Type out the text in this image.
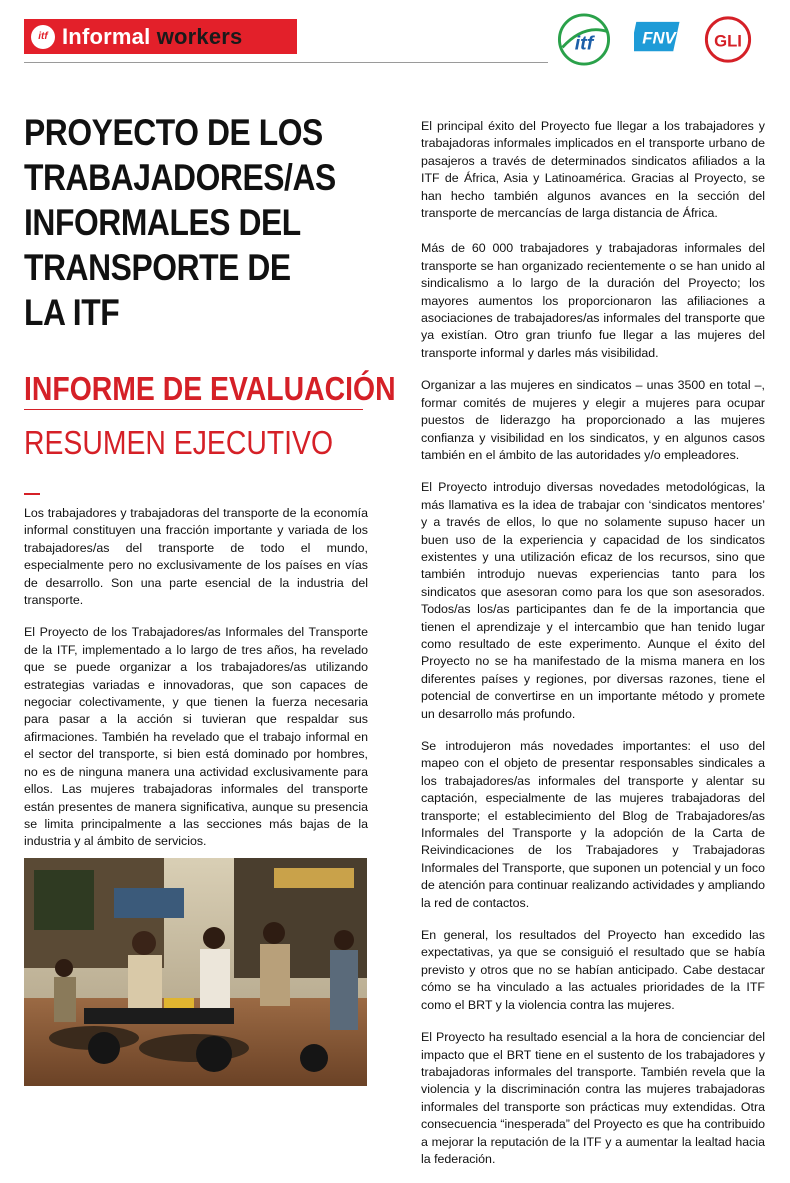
itf Informal workers	itf	FNV GLI
PROYECTO DE LOS TRABAJADORES/AS INFORMALES DEL TRANSPORTE DE LA ITF
INFORME DE EVALUACIÓN
RESUMEN EJECUTIVO

Los trabajadores y trabajadoras del transporte de la economía informal constituyen una fracción importante y variada de los trabajadores/as del transporte de todo el mundo, especialmente pero no exclusivamente de los países en vías de desarrollo. Son una parte esencial de la industria del transporte.

El Proyecto de los Trabajadores/as Informales del Transporte de la ITF, implementado a lo largo de tres años, ha revelado que se puede organizar a los trabajadores/as utilizando estrategias variadas e innovadoras, que son capaces de negociar colectivamente, y que tienen la fuerza necesaria para pasar a la acción si tuvieran que respaldar sus afirmaciones. También ha revelado que el trabajo informal en el sector del transporte, si bien está dominado por hombres, no es de ninguna manera una actividad exclusivamente para ellos. Las mujeres trabajadoras informales del transporte están presentes de manera significativa, aunque su presencia se limita principalmente a las secciones más bajas de la industria y al ámbito de servicios.

El principal éxito del Proyecto fue llegar a los trabajadores y trabajadoras informales implicados en el transporte urbano de pasajeros a través de determinados sindicatos afiliados a la ITF de África, Asia y Latinoamérica. Gracias al Proyecto, se han hecho también algunos avances en la sección del transporte de mercancías de larga distancia de África.

Más de 60 000 trabajadores y trabajadoras informales del transporte se han organizado recientemente o se han unido al sindicalismo a lo largo de la duración del Proyecto; los mayores aumentos los proporcionaron las afiliaciones a asociaciones de trabajadores/as informales del transporte que ya existían. Otro gran triunfo fue llegar a las mujeres del transporte informal y darles más visibilidad.

Organizar a las mujeres en sindicatos – unas 3500 en total –, formar comités de mujeres y elegir a mujeres para ocupar puestos de liderazgo ha proporcionado a las mujeres confianza y visibilidad en los sindicatos, y en algunos casos también en el ámbito de las autoridades y/o empleadores.

El Proyecto introdujo diversas novedades metodológicas, la más llamativa es la idea de trabajar con ‘sindicatos mentores’ y a través de ellos, lo que no solamente supuso hacer un buen uso de la experiencia y capacidad de los sindicatos existentes y una utilización eficaz de los recursos, sino que también introdujo nuevas experiencias tanto para los sindicatos que asesoran como para los que son asesorados. Todos/as los/as participantes dan fe de la importancia que tienen el aprendizaje y el intercambio que han tenido lugar como resultado de este experimento. Aunque el éxito del Proyecto no se ha manifestado de la misma manera en los diferentes países y regiones, por diversas razones, tiene el potencial de convertirse en un importante método y promete un desarrollo más profundo.

Se introdujeron más novedades importantes: el uso del mapeo con el objeto de presentar responsables sindicales a los trabajadores/as informales del transporte y alentar su captación, especialmente de las mujeres trabajadoras del transporte; el establecimiento del Blog de Trabajadores/as Informales del Transporte y la adopción de la Carta de Reivindicaciones de los Trabajadores y Trabajadoras Informales del Transporte, que suponen un potencial y un foco de atención para continuar realizando actividades y ampliando la red de contactos.

En general, los resultados del Proyecto han excedido las expectativas, ya que se consiguió el resultado que se había previsto y otros que no se habían anticipado. Cabe destacar cómo se ha vinculado a las actuales prioridades de la ITF como el BRT y la violencia contra las mujeres.

El Proyecto ha resultado esencial a la hora de concienciar del impacto que el BRT tiene en el sustento de los trabajadores y trabajadoras informales del transporte. También revela que la violencia y la discriminación contra las mujeres trabajadoras informales del transporte son prácticas muy extendidas. Otra consecuencia “inesperada” del Proyecto es que ha contribuido a mejorar la reputación de la ITF y a aumentar la lealtad hacia la federación.
